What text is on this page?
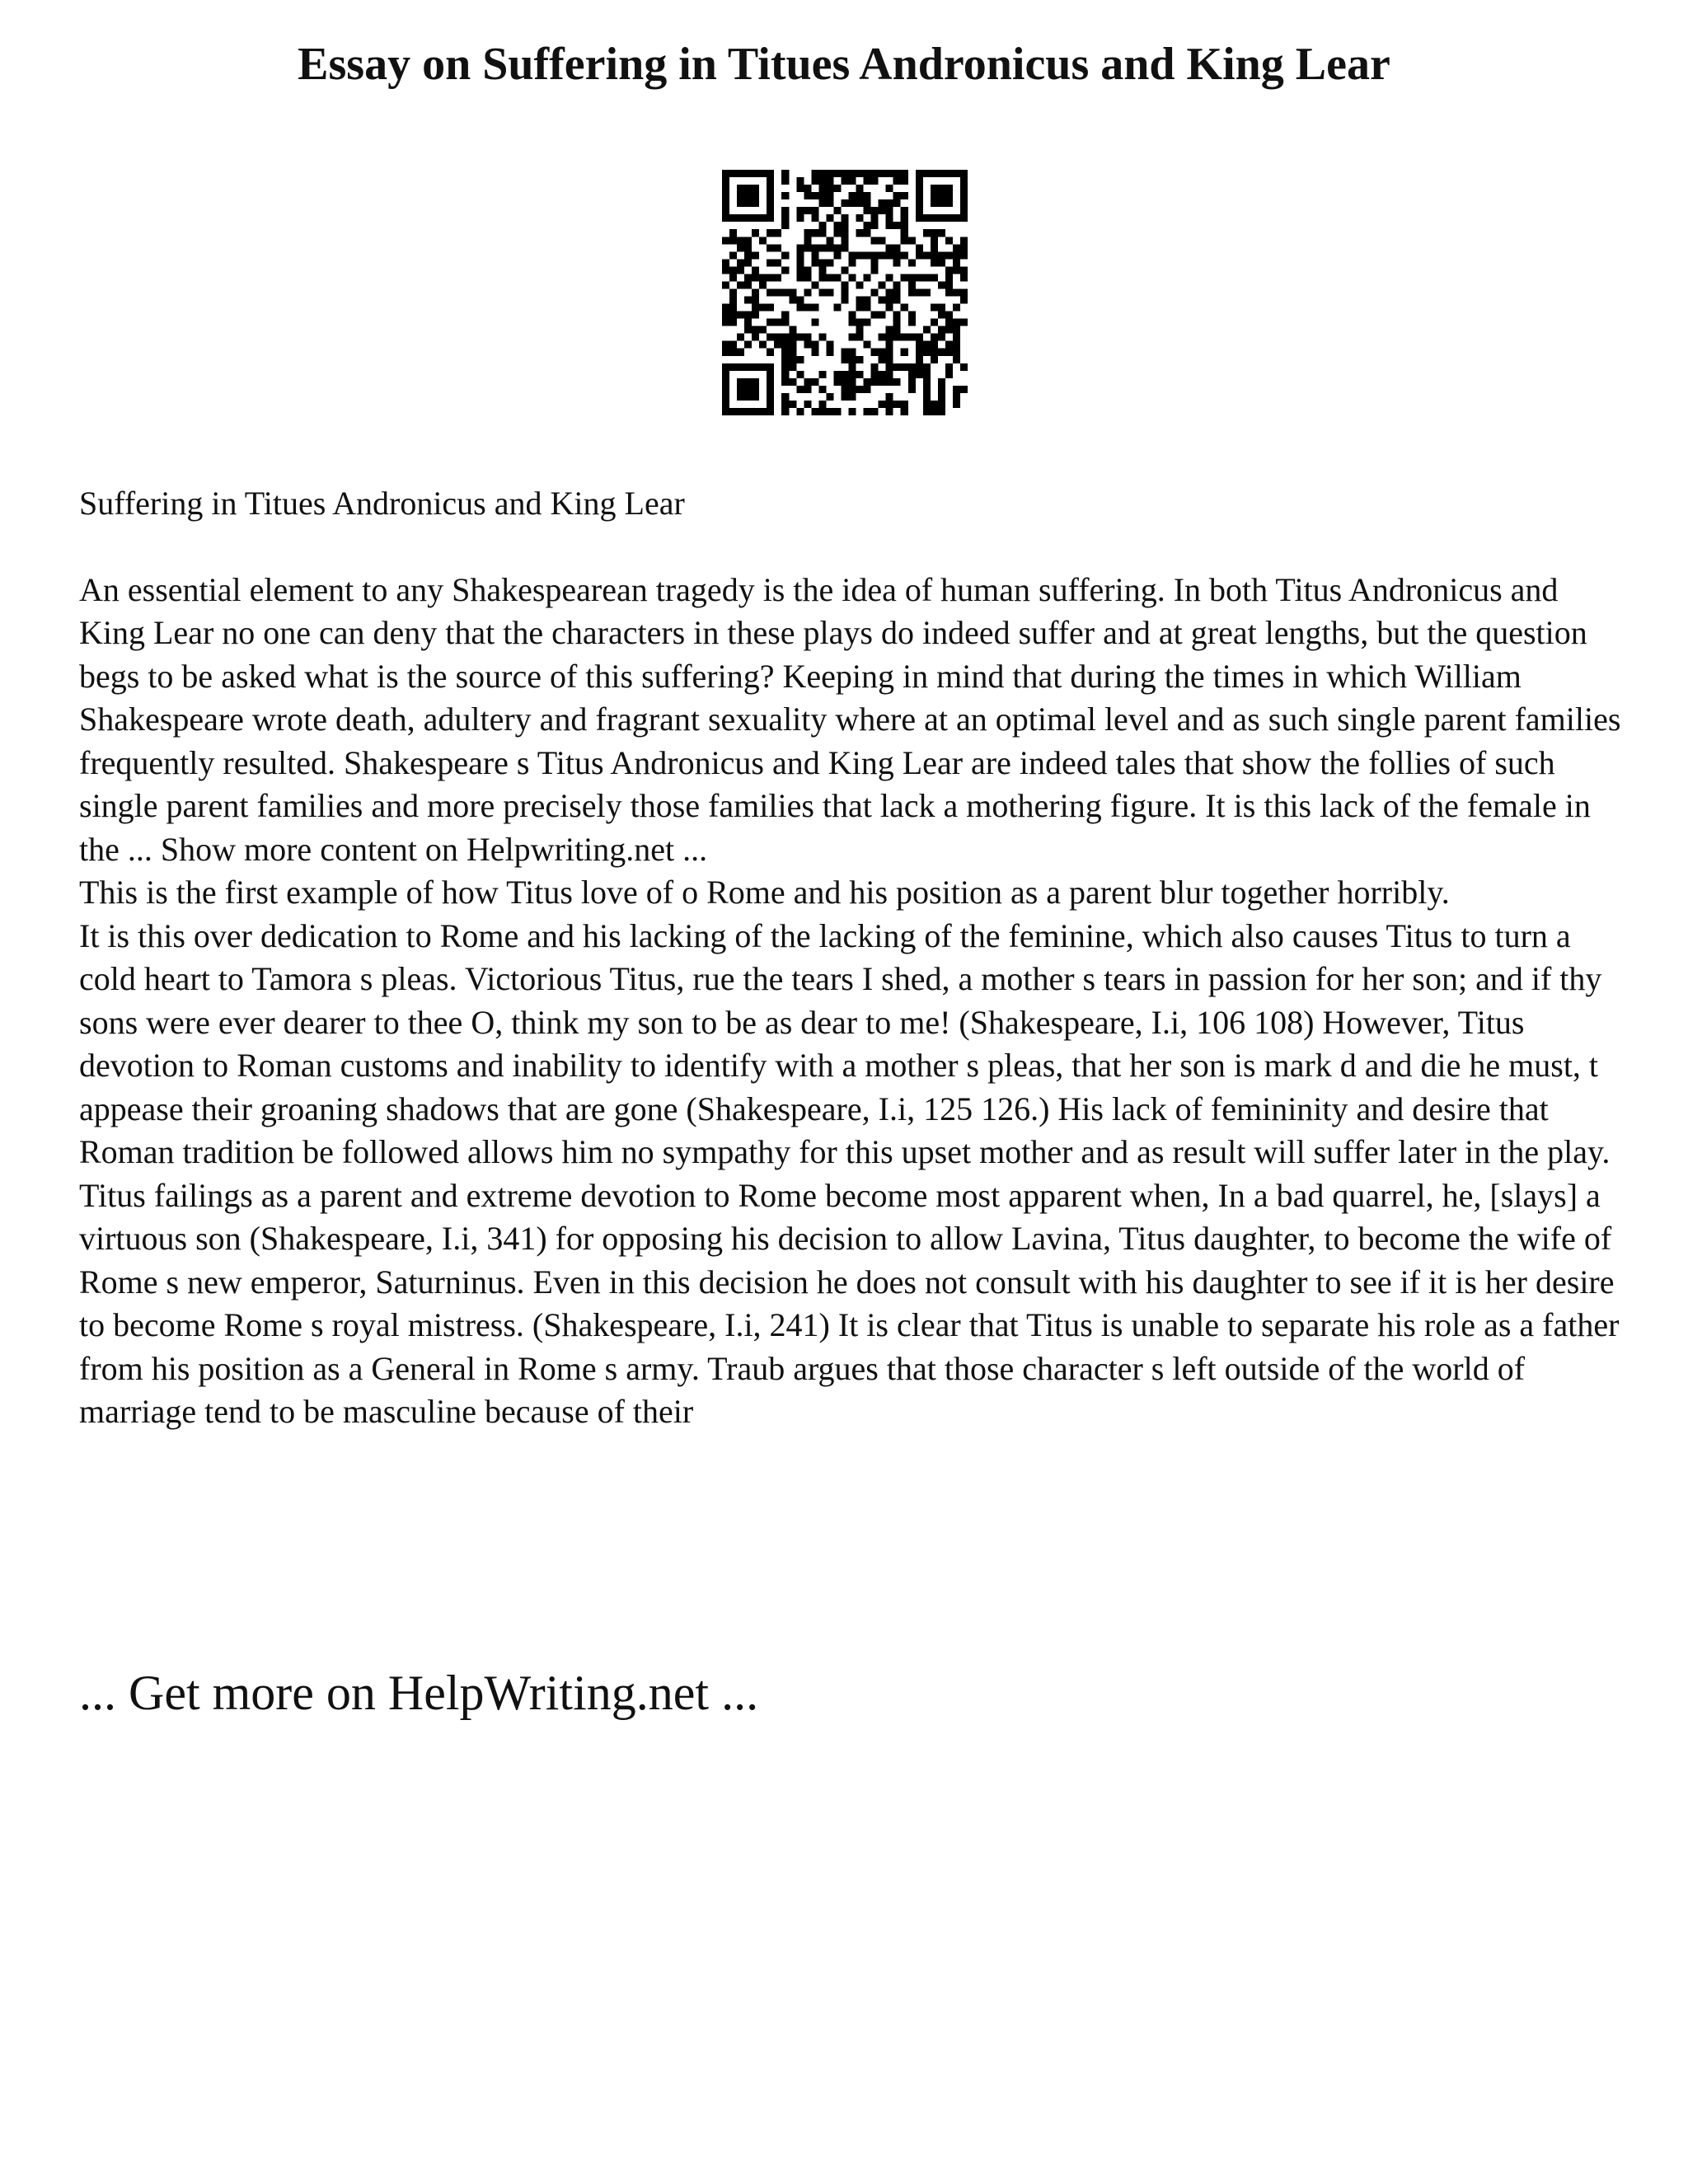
Essay on Suffering in Titues Andronicus and King Lear

Suffering in Titues Andronicus and King Lear

An essential element to any Shakespearean tragedy is the idea of human suffering. In both Titus Andronicus and King Lear no one can deny that the characters in these plays do indeed suffer and at great lengths, but the question begs to be asked what is the source of this suffering? Keeping in mind that during the times in which William Shakespeare wrote death, adultery and fragrant sexuality where at an optimal level and as such single parent families frequently resulted. Shakespeare s Titus Andronicus and King Lear are indeed tales that show the follies of such single parent families and more precisely those families that lack a mothering figure. It is this lack of the female in the ... Show more content on Helpwriting.net ...

This is the first example of how Titus love of o Rome and his position as a parent blur together horribly.

It is this over dedication to Rome and his lacking of the lacking of the feminine, which also causes Titus to turn a cold heart to Tamora s pleas. Victorious Titus, rue the tears I shed, a mother s tears in passion for her son; and if thy sons were ever dearer to thee O, think my son to be as dear to me! (Shakespeare, I.i, 106 108) However, Titus devotion to Roman customs and inability to identify with a mother s pleas, that her son is mark d and die he must, t appease their groaning shadows that are gone (Shakespeare, I.i, 125 126.) His lack of femininity and desire that Roman tradition be followed allows him no sympathy for this upset mother and as result will suffer later in the play.

Titus failings as a parent and extreme devotion to Rome become most apparent when, In a bad quarrel, he, [slays] a virtuous son (Shakespeare, I.i, 341) for opposing his decision to allow Lavina, Titus daughter, to become the wife of Rome s new emperor, Saturninus. Even in this decision he does not consult with his daughter to see if it is her desire to become Rome s royal mistress. (Shakespeare, I.i, 241) It is clear that Titus is unable to separate his role as a father from his position as a General in Rome s army. Traub argues that those character s left outside of the world of marriage tend to be masculine because of their

... Get more on HelpWriting.net ...
